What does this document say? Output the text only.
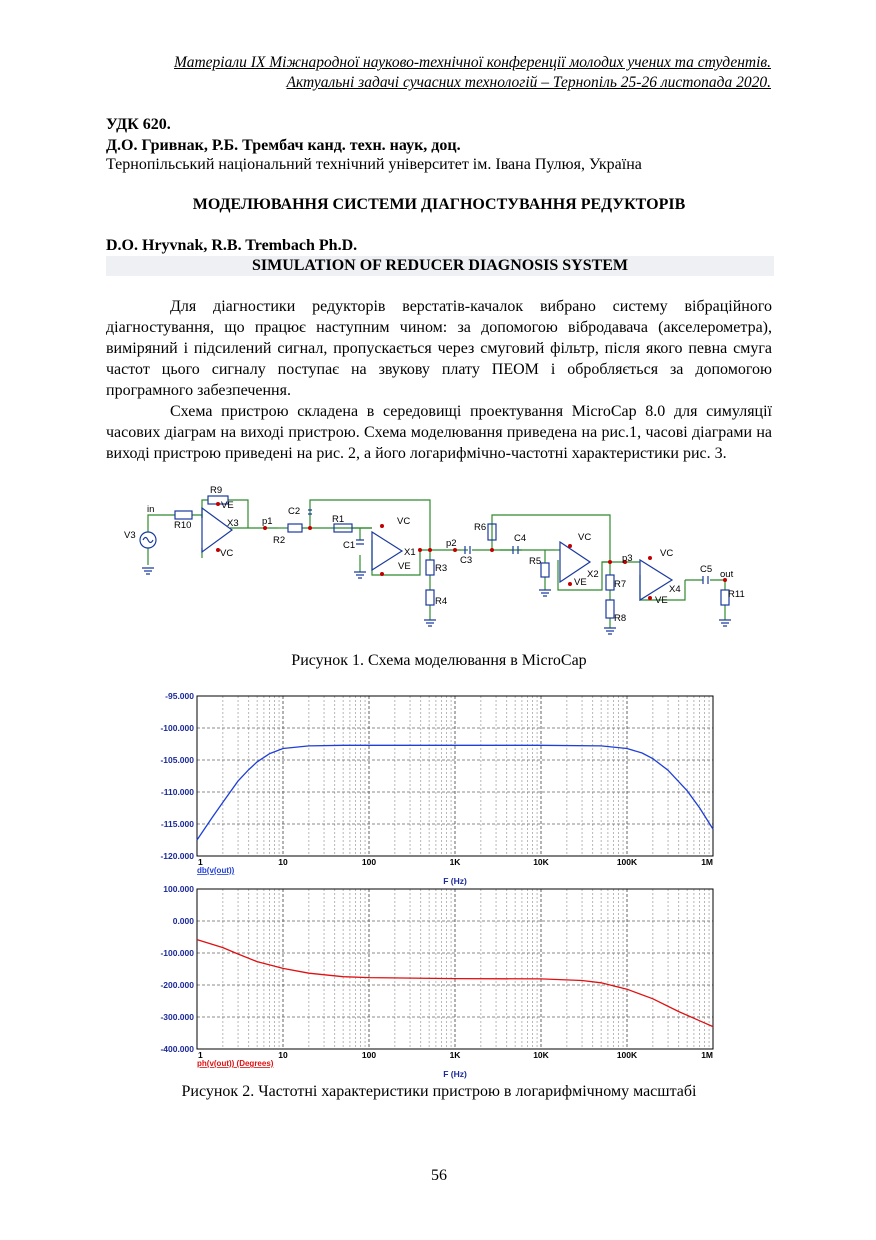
Матеріали IX Міжнародної науково-технічної конференції молодих учених та студентів.
Актуальні задачі сучасних технологій – Тернопіль 25-26 листопада 2020.
УДК 620.
Д.О. Гривнак, Р.Б. Трембач канд. техн. наук, доц.
Тернопільський національний технічний університет ім. Івана Пулюя, Україна
МОДЕЛЮВАННЯ СИСТЕМИ ДІАГНОСТУВАННЯ РЕДУКТОРІВ
D.O. Hryvnak, R.B. Trembach Ph.D.
SIMULATION OF REDUCER DIAGNOSIS SYSTEM
Для діагностики редукторів верстатів-качалок вибрано систему вібраційного діагностування, що працює наступним чином: за допомогою вібродавача (акселерометра), виміряний і підсилений сигнал, пропускається через смуговий фільтр, після якого певна смуга частот цього сигналу поступає на звукову плату ПЕОМ і обробляється за допомогою програмного забезпечення.
Схема пристрою складена в середовищі проектування MicroCap 8.0 для симуляції часових діаграм на виході пристрою. Схема моделювання приведена на рис.1, часові діаграми на виході пристрою приведені на рис. 2, а його логарифмічно-частотні характеристики рис. 3.
in
V3
R10
R9
VE
VC
X3 p1
R2
C2
R1
C1
VC
X1
VE	R3
R4
p2
C3
R6
C4
R5
VC
X2
VE	R7
R8
p3	VC
X4
VE
C5 out
R11
Рисунок 1. Схема моделювання в MicroCap
-95.000
-100.000
-105.000
-110.000
-115.000
-120.000
1	10	100	1K	10K	100K	1M
db(v(out))
F (Hz)
100.000
0.000
-100.000
-200.000
-300.000
-400.000
1	10	100	1K	10K	100K	1M
ph(v(out)) (Degrees)
F (Hz)
Рисунок 2. Частотні характеристики пристрою в логарифмічному масштабі
56
